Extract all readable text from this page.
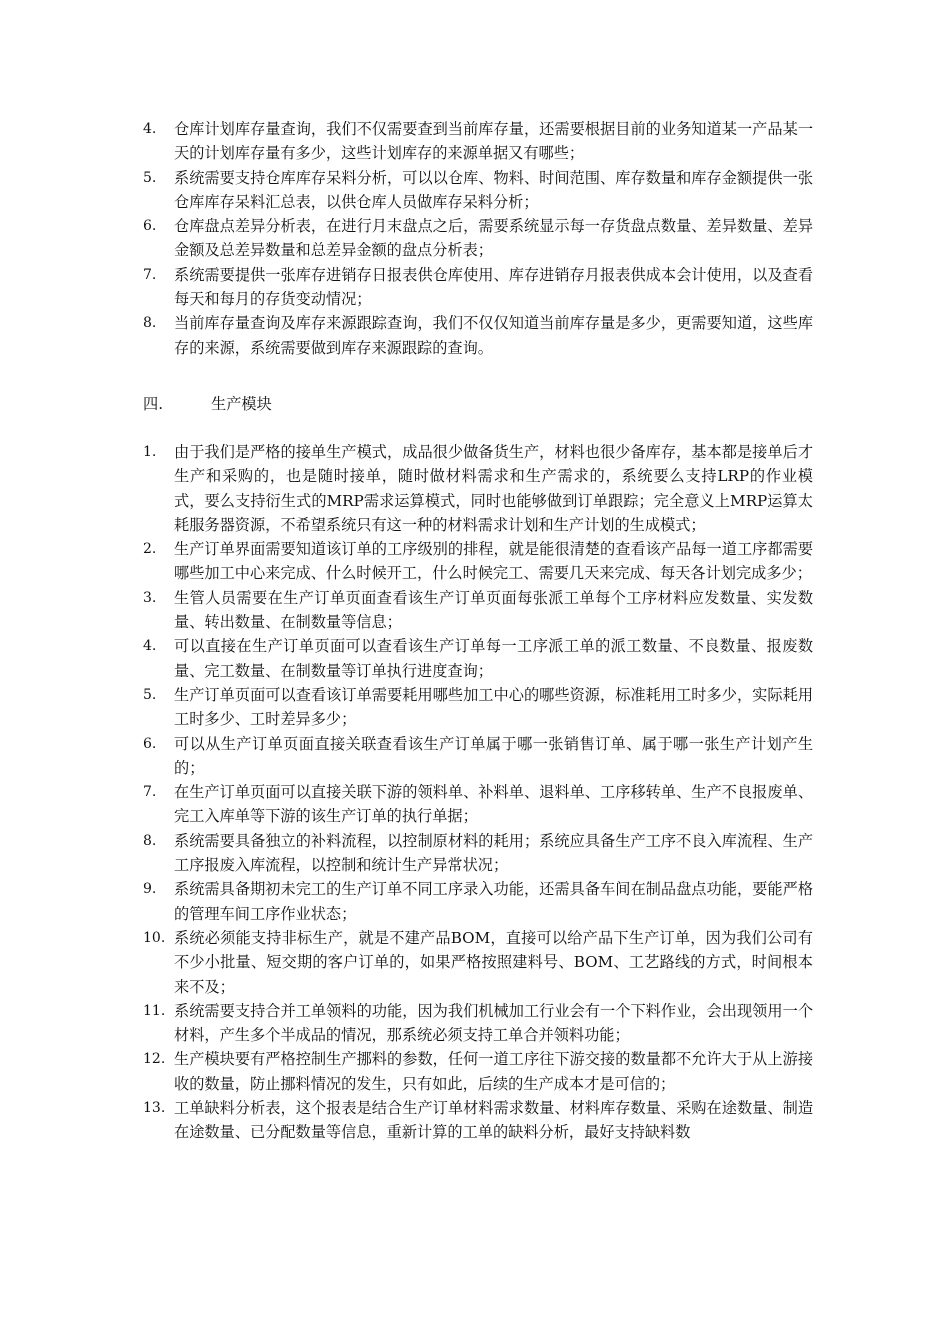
4. 仓库计划库存量查询，我们不仅需要查到当前库存量，还需要根据目前的业务知道某一产品某一天的计划库存量有多少，这些计划库存的来源单据又有哪些；
5. 系统需要支持仓库库存呆料分析，可以以仓库、物料、时间范围、库存数量和库存金额提供一张仓库库存呆料汇总表，以供仓库人员做库存呆料分析；
6. 仓库盘点差异分析表，在进行月末盘点之后，需要系统显示每一存货盘点数量、差异数量、差异金额及总差异数量和总差异金额的盘点分析表；
7. 系统需要提供一张库存进销存日报表供仓库使用、库存进销存月报表供成本会计使用，以及查看每天和每月的存货变动情况；
8. 当前库存量查询及库存来源跟踪查询，我们不仅仅知道当前库存量是多少，更需要知道，这些库存的来源，系统需要做到库存来源跟踪的查询。
四.	生产模块
1. 由于我们是严格的接单生产模式，成品很少做备货生产，材料也很少备库存，基本都是接单后才生产和采购的，也是随时接单，随时做材料需求和生产需求的，系统要么支持LRP的作业模式，要么支持衍生式的MRP需求运算模式，同时也能够做到订单跟踪；完全意义上MRP运算太耗服务器资源，不希望系统只有这一种的材料需求计划和生产计划的生成模式；
2. 生产订单界面需要知道该订单的工序级别的排程，就是能很清楚的查看该产品每一道工序都需要哪些加工中心来完成、什么时候开工，什么时候完工、需要几天来完成、每天各计划完成多少；
3. 生管人员需要在生产订单页面查看该生产订单页面每张派工单每个工序材料应发数量、实发数量、转出数量、在制数量等信息；
4. 可以直接在生产订单页面可以查看该生产订单每一工序派工单的派工数量、不良数量、报废数量、完工数量、在制数量等订单执行进度查询；
5. 生产订单页面可以查看该订单需要耗用哪些加工中心的哪些资源，标准耗用工时多少，实际耗用工时多少、工时差异多少；
6. 可以从生产订单页面直接关联查看该生产订单属于哪一张销售订单、属于哪一张生产计划产生的；
7. 在生产订单页面可以直接关联下游的领料单、补料单、退料单、工序移转单、生产不良报废单、完工入库单等下游的该生产订单的执行单据；
8. 系统需要具备独立的补料流程，以控制原材料的耗用；系统应具备生产工序不良入库流程、生产工序报废入库流程，以控制和统计生产异常状况；
9. 系统需具备期初未完工的生产订单不同工序录入功能，还需具备车间在制品盘点功能，要能严格的管理车间工序作业状态；
10. 系统必须能支持非标生产，就是不建产品BOM，直接可以给产品下生产订单，因为我们公司有不少小批量、短交期的客户订单的，如果严格按照建料号、BOM、工艺路线的方式，时间根本来不及；
11. 系统需要支持合并工单领料的功能，因为我们机械加工行业会有一个下料作业，会出现领用一个材料，产生多个半成品的情况，那系统必须支持工单合并领料功能；
12. 生产模块要有严格控制生产挪料的参数，任何一道工序往下游交接的数量都不允许大于从上游接收的数量，防止挪料情况的发生，只有如此，后续的生产成本才是可信的；
13. 工单缺料分析表，这个报表是结合生产订单材料需求数量、材料库存数量、采购在途数量、制造在途数量、已分配数量等信息，重新计算的工单的缺料分析，最好支持缺料数
